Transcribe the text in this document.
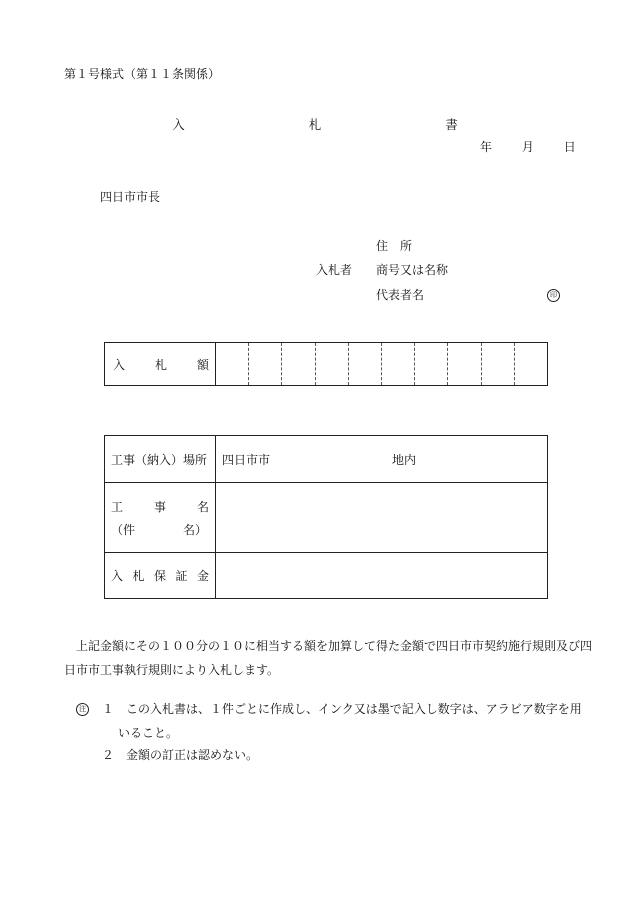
第１号様式（第１１条関係）
入	札	書
年 月 日
四日市市長
住　所
入札者 商号又は名称
代表者名	印
入 札 額
工事（納入）場所	四日市市	地内
工	事	名
（件	名）
入 札 保 証 金
上記金額にその１００分の１０に相当する額を加算して得た金額で四日市市契約施行規則及び四日市市工事執行規則により入札します。
注 １　この入札書は、１件ごとに作成し、インク又は墨で記入し数字は、アラビア数字を用
いること。
２　金額の訂正は認めない。
